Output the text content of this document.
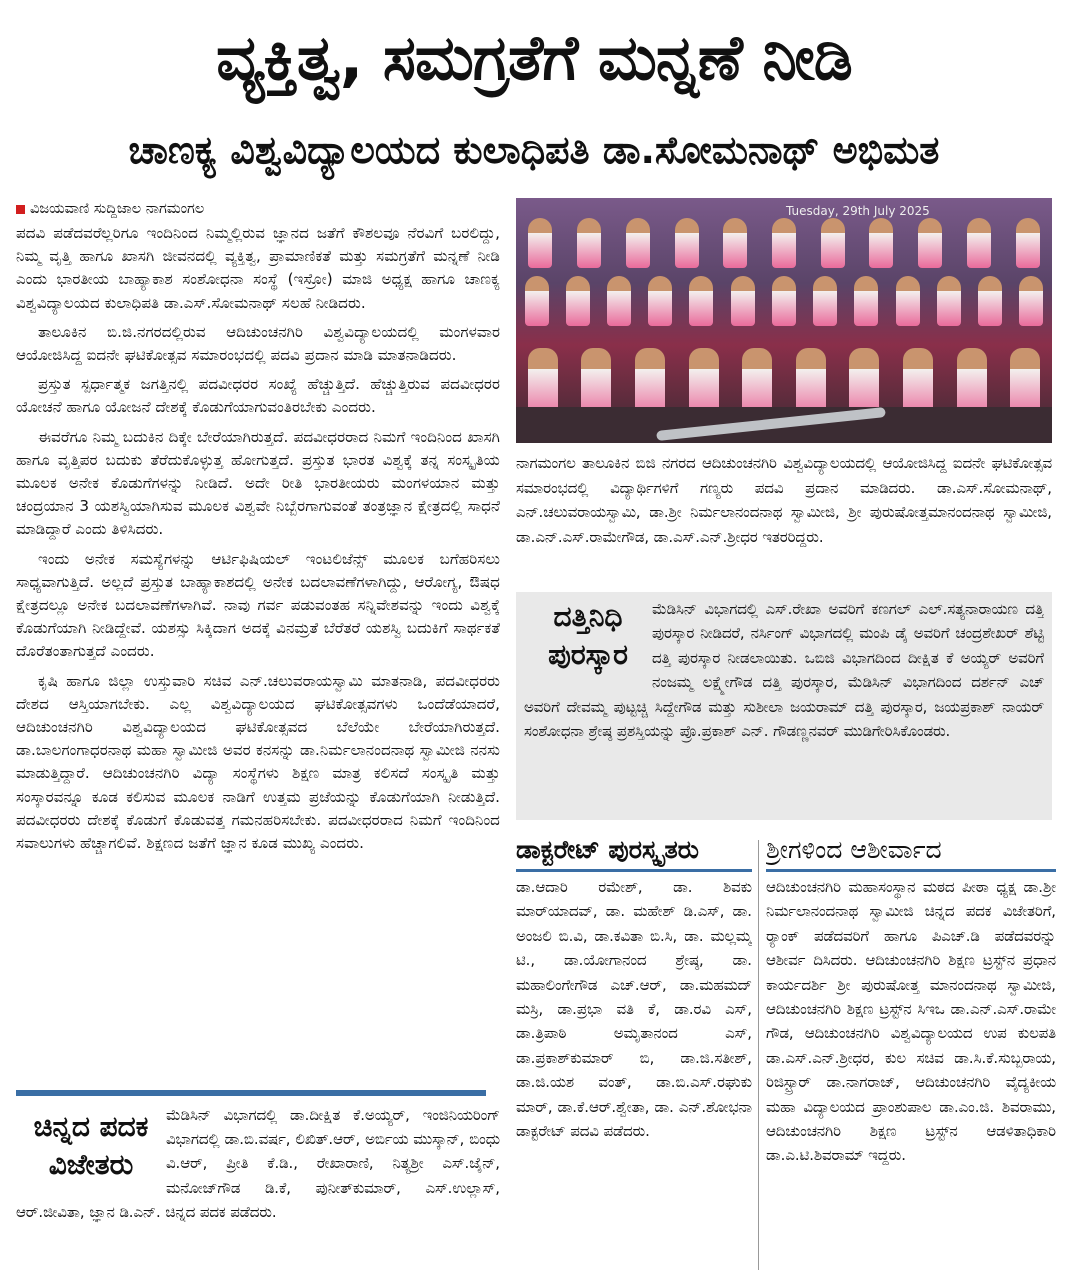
ವ್ಯಕ್ತಿತ್ವ, ಸಮಗ್ರತೆಗೆ ಮನ್ನಣೆ ನೀಡಿ
ಚಾಣಕ್ಯ ವಿಶ್ವವಿದ್ಯಾಲಯದ ಕುಲಾಧಿಪತಿ ಡಾ.ಸೋಮನಾಥ್ ಅಭಿಮತ
ವಿಜಯವಾಣಿ ಸುದ್ದಿಜಾಲ ನಾಗಮಂಗಲ

ಪದವಿ ಪಡೆದವರೆಲ್ಲರಿಗೂ ಇಂದಿನಿಂದ ನಿಮ್ಮಲ್ಲಿರುವ ಜ್ಞಾನದ ಜತೆಗೆ ಕೌಶಲವೂ ನೆರವಿಗೆ ಬರಲಿದ್ದು, ನಿಮ್ಮ ವೃತ್ತಿ ಹಾಗೂ ಖಾಸಗಿ ಜೀವನದಲ್ಲಿ ವ್ಯಕ್ತಿತ್ವ, ಪ್ರಾಮಾಣಿಕತೆ ಮತ್ತು ಸಮಗ್ರತೆಗೆ ಮನ್ನಣೆ ನೀಡಿ ಎಂದು ಭಾರತೀಯ ಬಾಹ್ಯಾಕಾಶ ಸಂಶೋಧನಾ ಸಂಸ್ಥೆ (ಇಸ್ರೋ) ಮಾಜಿ ಅಧ್ಯಕ್ಷ ಹಾಗೂ ಚಾಣಕ್ಯ ವಿಶ್ವವಿದ್ಯಾಲಯದ ಕುಲಾಧಿಪತಿ ಡಾ.ಎಸ್.ಸೋಮನಾಥ್ ಸಲಹೆ ನೀಡಿದರು.

ತಾಲೂಕಿನ ಬಿ.ಜಿ.ನಗರದಲ್ಲಿರುವ ಆದಿಚುಂಚನಗಿರಿ ವಿಶ್ವವಿದ್ಯಾಲಯದಲ್ಲಿ ಮಂಗಳವಾರ ಆಯೋಜಿಸಿದ್ದ ಐದನೇ ಘಟಿಕೋತ್ಸವ ಸಮಾರಂಭದಲ್ಲಿ ಪದವಿ ಪ್ರದಾನ ಮಾಡಿ ಮಾತನಾಡಿದರು.

ಪ್ರಸ್ತುತ ಸ್ಪರ್ಧಾತ್ಮಕ ಜಗತ್ತಿನಲ್ಲಿ ಪದವೀಧರರ ಸಂಖ್ಯೆ ಹೆಚ್ಚುತ್ತಿದೆ. ಹೆಚ್ಚುತ್ತಿರುವ ಪದವೀಧರರ ಯೋಚನೆ ಹಾಗೂ ಯೋಜನೆ ದೇಶಕ್ಕೆ ಕೊಡುಗೆಯಾಗುವಂತಿರಬೇಕು ಎಂದರು.

ಈವರೆಗೂ ನಿಮ್ಮ ಬದುಕಿನ ದಿಕ್ಕೇ ಬೇರೆಯಾಗಿರುತ್ತದೆ. ಪದವೀಧರರಾದ ನಿಮಗೆ ಇಂದಿನಿಂದ ಖಾಸಗಿ ಹಾಗೂ ವೃತ್ತಿಪರ ಬದುಕು ತೆರೆದುಕೊಳ್ಳುತ್ತ ಹೋಗುತ್ತದೆ. ಪ್ರಸ್ತುತ ಭಾರತ ವಿಶ್ವಕ್ಕೆ ತನ್ನ ಸಂಸ್ಕೃತಿಯ ಮೂಲಕ ಅನೇಕ ಕೊಡುಗೆಗಳನ್ನು ನೀಡಿದೆ. ಅದೇ ರೀತಿ ಭಾರತೀಯರು ಮಂಗಳಯಾನ ಮತ್ತು ಚಂದ್ರಯಾನ 3 ಯಶಸ್ವಿಯಾಗಿಸುವ ಮೂಲಕ ವಿಶ್ವವೇ ನಿಬ್ಬೆರಗಾಗುವಂತೆ ತಂತ್ರಜ್ಞಾನ ಕ್ಷೇತ್ರದಲ್ಲಿ ಸಾಧನೆ ಮಾಡಿದ್ದಾರೆ ಎಂದು ತಿಳಿಸಿದರು.

ಇಂದು ಅನೇಕ ಸಮಸ್ಯೆಗಳನ್ನು ಆರ್ಟಿಫಿಷಿಯಲ್ ಇಂಟಲಿಜೆನ್ಸ್ ಮೂಲಕ ಬಗೆಹರಿಸಲು ಸಾಧ್ಯವಾಗುತ್ತಿದೆ. ಅಲ್ಲದೆ ಪ್ರಸ್ತುತ ಬಾಹ್ಯಾಕಾಶದಲ್ಲಿ ಅನೇಕ ಬದಲಾವಣೆಗಳಾಗಿದ್ದು, ಆರೋಗ್ಯ, ಔಷಧ ಕ್ಷೇತ್ರದಲ್ಲೂ ಅನೇಕ ಬದಲಾವಣೆಗಳಾಗಿವೆ. ನಾವು ಗರ್ವ ಪಡುವಂತಹ ಸನ್ನಿವೇಶವನ್ನು ಇಂದು ವಿಶ್ವಕ್ಕೆ ಕೊಡುಗೆಯಾಗಿ ನೀಡಿದ್ದೇವೆ. ಯಶಸ್ಸು ಸಿಕ್ಕಿದಾಗ ಅದಕ್ಕೆ ವಿನಮ್ರತೆ ಬೆರೆತರೆ ಯಶಸ್ವಿ ಬದುಕಿಗೆ ಸಾರ್ಥಕತೆ ದೊರೆತಂತಾಗುತ್ತದೆ ಎಂದರು.

ಕೃಷಿ ಹಾಗೂ ಜಿಲ್ಲಾ ಉಸ್ತುವಾರಿ ಸಚಿವ ಎನ್.ಚಲುವರಾಯಸ್ವಾಮಿ ಮಾತನಾಡಿ, ಪದವೀಧರರು ದೇಶದ ಆಸ್ತಿಯಾಗಬೇಕು. ಎಲ್ಲ ವಿಶ್ವವಿದ್ಯಾಲಯದ ಘಟಿಕೋತ್ಸವಗಳು ಒಂದೆಡೆಯಾದರೆ, ಆದಿಚುಂಚನಗಿರಿ ವಿಶ್ವವಿದ್ಯಾಲಯದ ಘಟಿಕೋತ್ಸವದ ಬೆಲೆಯೇ ಬೇರೆಯಾಗಿರುತ್ತದೆ. ಡಾ.ಬಾಲಗಂಗಾಧರನಾಥ ಮಹಾ ಸ್ವಾಮೀಜಿ ಅವರ ಕನಸನ್ನು ಡಾ.ನಿರ್ಮಲಾನಂದನಾಥ ಸ್ವಾಮೀಜಿ ನನಸು ಮಾಡುತ್ತಿದ್ದಾರೆ. ಆದಿಚುಂಚನಗಿರಿ ವಿದ್ಯಾ ಸಂಸ್ಥೆಗಳು ಶಿಕ್ಷಣ ಮಾತ್ರ ಕಲಿಸದೆ ಸಂಸ್ಕೃತಿ ಮತ್ತು ಸಂಸ್ಕಾರವನ್ನೂ ಕೂಡ ಕಲಿಸುವ ಮೂಲಕ ನಾಡಿಗೆ ಉತ್ತಮ ಪ್ರಜೆಯನ್ನು ಕೊಡುಗೆಯಾಗಿ ನೀಡುತ್ತಿದೆ. ಪದವೀಧರರು ದೇಶಕ್ಕೆ ಕೊಡುಗೆ ಕೊಡುವತ್ತ ಗಮನಹರಿಸಬೇಕು. ಪದವೀಧರರಾದ ನಿಮಗೆ ಇಂದಿನಿಂದ ಸವಾಲುಗಳು ಹೆಚ್ಚಾಗಲಿವೆ. ಶಿಕ್ಷಣದ ಜತೆಗೆ ಜ್ಞಾನ ಕೂಡ ಮುಖ್ಯ ಎಂದರು.

Tuesday, 29th July 2025
ನಾಗಮಂಗಲ ತಾಲೂಕಿನ ಬಿಜಿ ನಗರದ ಆದಿಚುಂಚನಗಿರಿ ವಿಶ್ವವಿದ್ಯಾಲಯದಲ್ಲಿ ಆಯೋಜಿಸಿದ್ದ ಐದನೇ ಘಟಿಕೋತ್ಸವ ಸಮಾರಂಭದಲ್ಲಿ ವಿದ್ಯಾರ್ಥಿಗಳಿಗೆ ಗಣ್ಯರು ಪದವಿ ಪ್ರದಾನ ಮಾಡಿದರು. ಡಾ.ಎಸ್.ಸೋಮನಾಥ್, ಎನ್.ಚಲುವರಾಯಸ್ವಾಮಿ, ಡಾ.ಶ್ರೀ ನಿರ್ಮಲಾನಂದನಾಥ ಸ್ವಾಮೀಜಿ, ಶ್ರೀ ಪುರುಷೋತ್ತಮಾನಂದನಾಥ ಸ್ವಾಮೀಜಿ, ಡಾ.ಎನ್.ಎಸ್.ರಾಮೇಗೌಡ, ಡಾ.ಎಸ್.ಎನ್.ಶ್ರೀಧರ ಇತರರಿದ್ದರು.
ಮೆಡಿಸಿನ್ ವಿಭಾಗದಲ್ಲಿ ಎಸ್.ರೇಖಾ ಅವರಿಗೆ ಕಣಗಲ್ ಎಲ್.ಸತ್ಯನಾರಾಯಣ ದತ್ತಿ ಪುರಸ್ಕಾರ ನೀಡಿದರೆ, ನರ್ಸಿಂಗ್ ವಿಭಾಗದಲ್ಲಿ ಮಂಪಿ ಡೈ ಅವರಿಗೆ ಚಂದ್ರಶೇಖರ್ ಶೆಟ್ಟಿ ದತ್ತಿ ಪುರಸ್ಕಾರ ನೀಡಲಾಯಿತು. ಒಬಿಜಿ ವಿಭಾಗದಿಂದ ದೀಕ್ಷಿತ ಕೆ ಅಯ್ಯರ್ ಅವರಿಗೆ ನಂಜಮ್ಮ ಲಕ್ಷ್ಮೇಗೌಡ ದತ್ತಿ ಪುರಸ್ಕಾರ, ಮೆಡಿಸಿನ್ ವಿಭಾಗದಿಂದ ದರ್ಶನ್ ಎಚ್ ಅವರಿಗೆ ದೇವಮ್ಮ ಪುಟ್ಟಚ್ಚಿ ಸಿದ್ದೇಗೌಡ ಮತ್ತು ಸುಶೀಲಾ ಜಯರಾಮ್ ದತ್ತಿ ಪುರಸ್ಕಾರ, ಜಯಪ್ರಕಾಶ್ ನಾಯರ್ ಸಂಶೋಧನಾ ಶ್ರೇಷ್ಠ ಪ್ರಶಸ್ತಿಯನ್ನು ಪ್ರೊ.ಪ್ರಕಾಶ್ ಎನ್. ಗೌಡಣ್ಣನವರ್ ಮುಡಿಗೇರಿಸಿಕೊಂಡರು.
ದತ್ತಿನಿಧಿ ಪುರಸ್ಕಾರ
ಮೆಡಿಸಿನ್ ವಿಭಾಗದಲ್ಲಿ ಡಾ.ದೀಕ್ಷಿತ ಕೆ.ಅಯ್ಯರ್, ಇಂಜಿನಿಯರಿಂಗ್ ವಿಭಾಗದಲ್ಲಿ ಡಾ.ಬಿ.ವರ್ಷ, ಲಿಖಿತ್.ಆರ್, ಅರ್ಬಿಯ ಮುಸ್ಕಾನ್, ಬಿಂಧು ವಿ.ಆರ್, ಪ್ರೀತಿ ಕೆ.ಡಿ., ರೇಖಾರಾಣಿ, ನಿತ್ಯಶ್ರೀ ಎಸ್.ಜೈನ್, ಮನೋಜ್‌ಗೌಡ ಡಿ.ಕೆ, ಪುನೀತ್‌ಕುಮಾರ್, ಎಸ್.ಉಲ್ಲಾಸ್, ಆರ್.ಜೀವಿತಾ, ಜ್ಞಾನ ಡಿ.ಎನ್. ಚಿನ್ನದ ಪದಕ ಪಡೆದರು.
ಚಿನ್ನದ ಪದಕ ವಿಜೇತರು
ಡಾಕ್ಟರೇಟ್ ಪುರಸ್ಕೃತರು
ಡಾ.ಆದಾರಿ ರಮೇಶ್, ಡಾ. ಶಿವಕು ಮಾರ್‌ಯಾದವ್, ಡಾ. ಮಹೇಶ್ ಡಿ.ಎಸ್, ಡಾ. ಅಂಜಲಿ ಬಿ.ವಿ, ಡಾ.ಕವಿತಾ ಬಿ.ಸಿ, ಡಾ. ಮಲ್ಲಮ್ಮ ಟಿ., ಡಾ.ಯೋಗಾನಂದ ಶ್ರೇಷ್ಠ, ಡಾ. ಮಹಾಲಿಂಗೇಗೌಡ ಎಚ್.ಆರ್, ಡಾ.ಮಹಮದ್ ಮಸ್ರಿ, ಡಾ.ಪ್ರಭಾ ವತಿ ಕೆ, ಡಾ.ರವಿ ಎಸ್, ಡಾ.ತ್ರಿಪಾಠಿ ಅಮೃತಾನಂದ ಎಸ್, ಡಾ.ಪ್ರಕಾಶ್‌ಕುಮಾರ್ ಬಿ, ಡಾ.ಜಿ.ಸತೀಶ್, ಡಾ.ಜಿ.ಯಶ ವಂತ್, ಡಾ.ಬಿ.ಎಸ್.ರಘುಕು ಮಾರ್, ಡಾ.ಕೆ.ಆರ್.ಶ್ವೇತಾ, ಡಾ. ಎನ್.ಶೋಭನಾ ಡಾಕ್ಟರೇಟ್ ಪದವಿ ಪಡೆದರು.
ಶ್ರೀಗಳಿಂದ ಆಶೀರ್ವಾದ
ಆದಿಚುಂಚನಗಿರಿ ಮಹಾಸಂಸ್ಥಾನ ಮಠದ ಪೀಠಾ ಧ್ಯಕ್ಷ ಡಾ.ಶ್ರೀ ನಿರ್ಮಲಾನಂದನಾಥ ಸ್ವಾಮೀಜಿ ಚಿನ್ನದ ಪದಕ ವಿಜೇತರಿಗೆ, ರ್‍ಯಾಂಕ್ ಪಡೆದವರಿಗೆ ಹಾಗೂ ಪಿಎಚ್.ಡಿ ಪಡೆದವರನ್ನು ಆಶೀರ್ವ ದಿಸಿದರು. ಆದಿಚುಂಚನಗಿರಿ ಶಿಕ್ಷಣ ಟ್ರಸ್ಟ್‌ನ ಪ್ರಧಾನ ಕಾರ್ಯದರ್ಶಿ ಶ್ರೀ ಪುರುಷೋತ್ತ ಮಾನಂದನಾಥ ಸ್ವಾಮೀಜಿ, ಆದಿಚುಂಚನಗಿರಿ ಶಿಕ್ಷಣ ಟ್ರಸ್ಟ್‌ನ ಸಿಇಒ ಡಾ.ಎನ್.ಎಸ್.ರಾಮೇ ಗೌಡ, ಆದಿಚುಂಚನಗಿರಿ ವಿಶ್ವವಿದ್ಯಾಲಯದ ಉಪ ಕುಲಪತಿ ಡಾ.ಎಸ್.ಎನ್.ಶ್ರೀಧರ, ಕುಲ ಸಚಿವ ಡಾ.ಸಿ.ಕೆ.ಸುಬ್ಬರಾಯ, ರಿಜಿಸ್ಟ್ರಾರ್ ಡಾ.ನಾಗರಾಜ್, ಆದಿಚುಂಚನಗಿರಿ ವೈದ್ಯಕೀಯ ಮಹಾ ವಿದ್ಯಾಲಯದ ಪ್ರಾಂಶುಪಾಲ ಡಾ.ಎಂ.ಜಿ. ಶಿವರಾಮು, ಆದಿಚುಂಚನಗಿರಿ ಶಿಕ್ಷಣ ಟ್ರಸ್ಟ್‌ನ ಆಡಳಿತಾಧಿಕಾರಿ ಡಾ.ಎ.ಟಿ.ಶಿವರಾಮ್ ಇದ್ದರು.
